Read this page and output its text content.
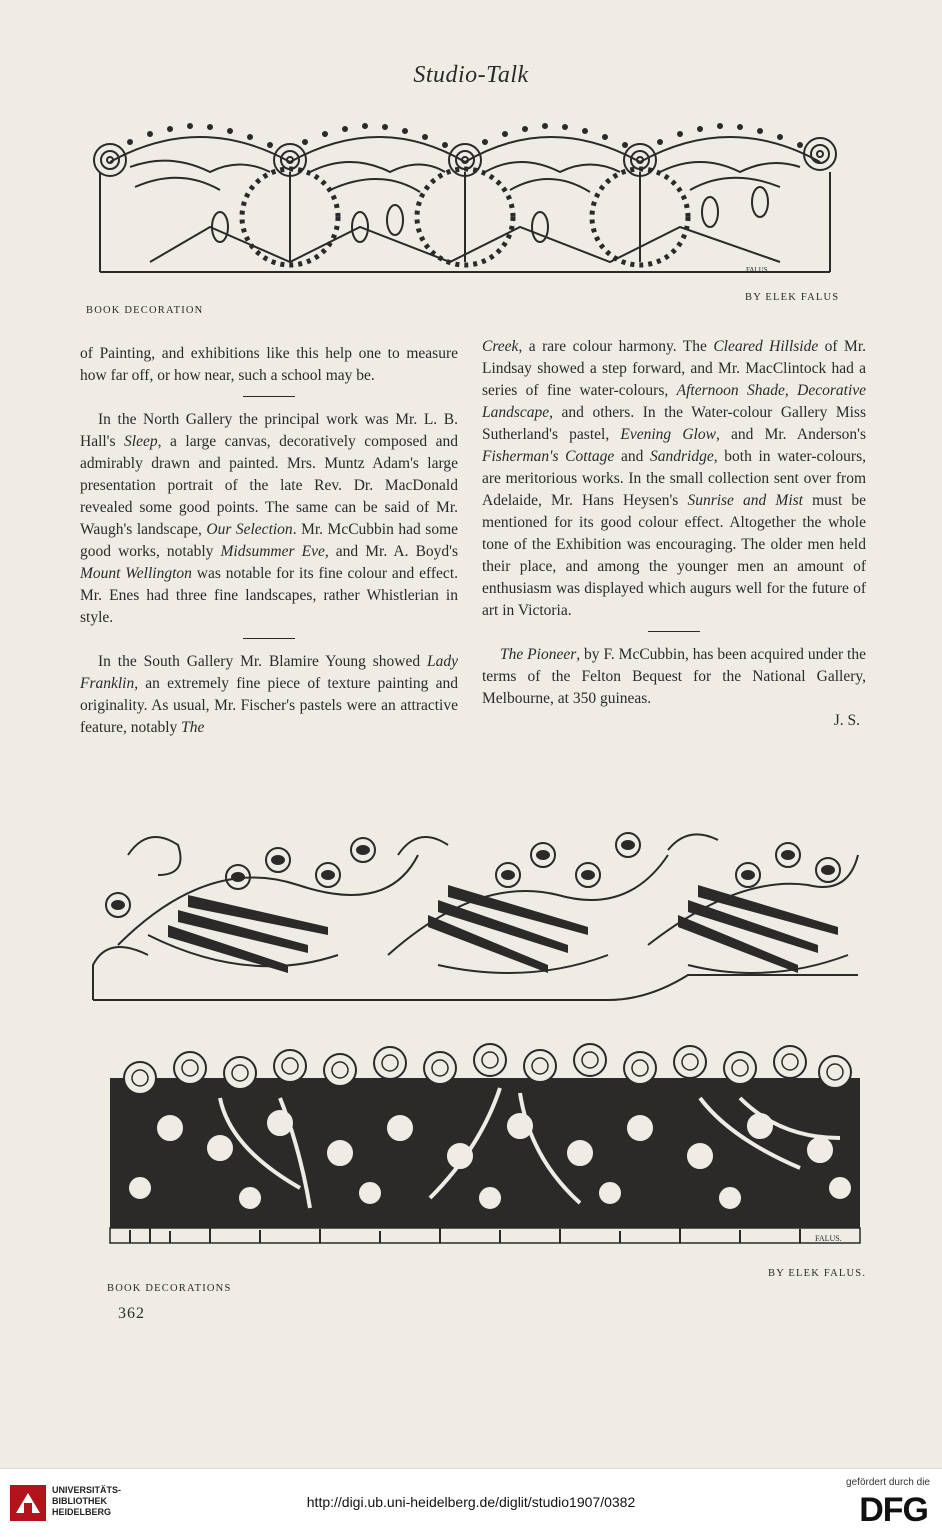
Studio-Talk
FALUS.
BOOK DECORATION
BY ELEK FALUS

of Painting, and exhibitions like this help one to measure how far off, or how near, such a school may be.

In the North Gallery the principal work was Mr. L. B. Hall's Sleep, a large canvas, decoratively composed and admirably drawn and painted. Mrs. Muntz Adam's large presentation portrait of the late Rev. Dr. MacDonald revealed some good points. The same can be said of Mr. Waugh's landscape, Our Selection. Mr. McCubbin had some good works, notably Midsummer Eve, and Mr. A. Boyd's Mount Wellington was notable for its fine colour and effect. Mr. Enes had three fine landscapes, rather Whistlerian in style.

In the South Gallery Mr. Blamire Young showed Lady Franklin, an extremely fine piece of texture painting and originality. As usual, Mr. Fischer's pastels were an attractive feature, notably The

Creek, a rare colour harmony. The Cleared Hillside of Mr. Lindsay showed a step forward, and Mr. MacClintock had a series of fine water-colours, Afternoon Shade, Decorative Landscape, and others. In the Water-colour Gallery Miss Sutherland's pastel, Evening Glow, and Mr. Anderson's Fisherman's Cottage and Sandridge, both in water-colours, are meritorious works. In the small collection sent over from Adelaide, Mr. Hans Heysen's Sunrise and Mist must be mentioned for its good colour effect. Altogether the whole tone of the Exhibition was encouraging. The older men held their place, and among the younger men an amount of enthusiasm was displayed which augurs well for the future of art in Victoria.

The Pioneer, by F. McCubbin, has been acquired under the terms of the Felton Bequest for the National Gallery, Melbourne, at 350 guineas.

J. S.

FALUS.
BOOK DECORATIONS
BY ELEK FALUS.
362
UNIVERSITÄTS-
BIBLIOTHEK
HEIDELBERG
http://digi.ub.uni-heidelberg.de/diglit/studio1907/0382
gefördert durch die
DFG
